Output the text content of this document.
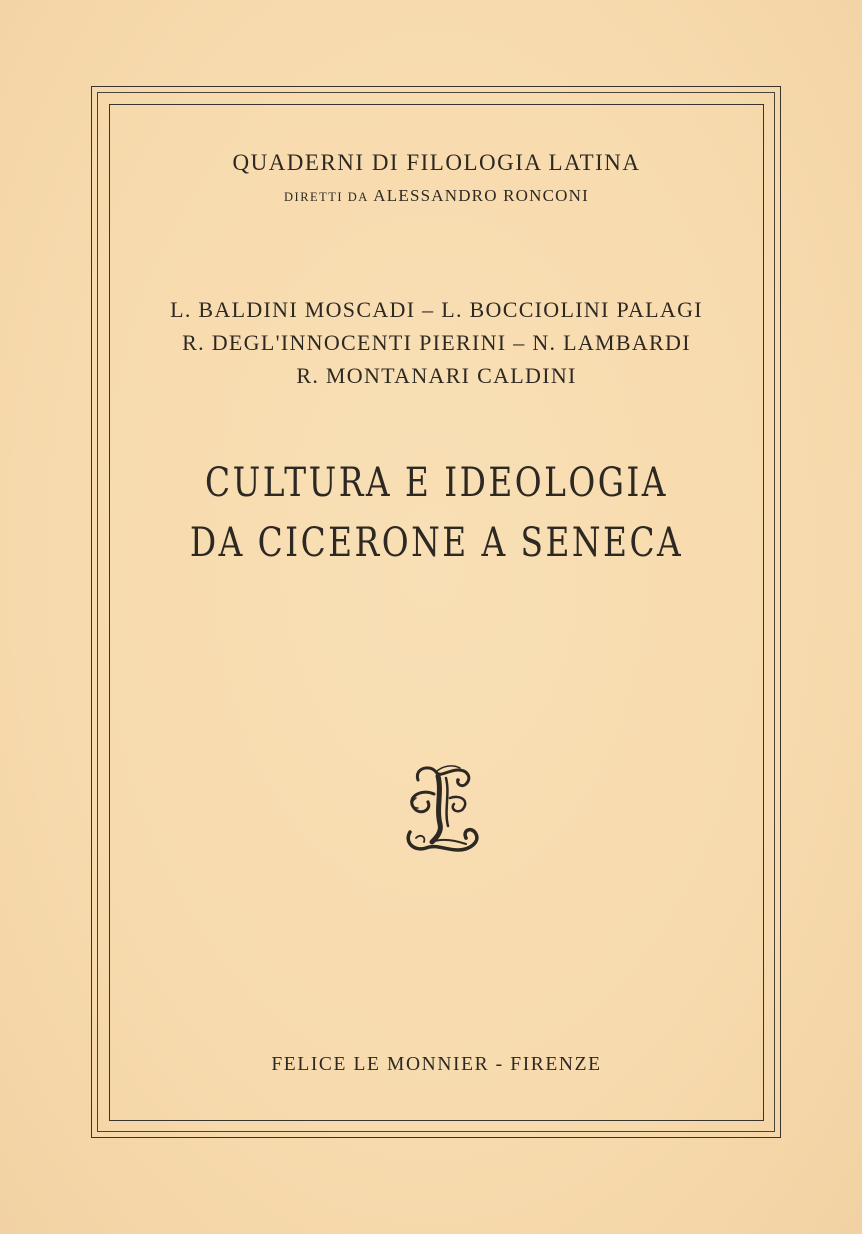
QUADERNI DI FILOLOGIA LATINA
DIRETTI DA ALESSANDRO RONCONI
L. BALDINI MOSCADI – L. BOCCIOLINI PALAGI
R. DEGL'INNOCENTI PIERINI – N. LAMBARDI
R. MONTANARI CALDINI
CULTURA E IDEOLOGIA
DA CICERONE A SENECA
FELICE LE MONNIER - FIRENZE
